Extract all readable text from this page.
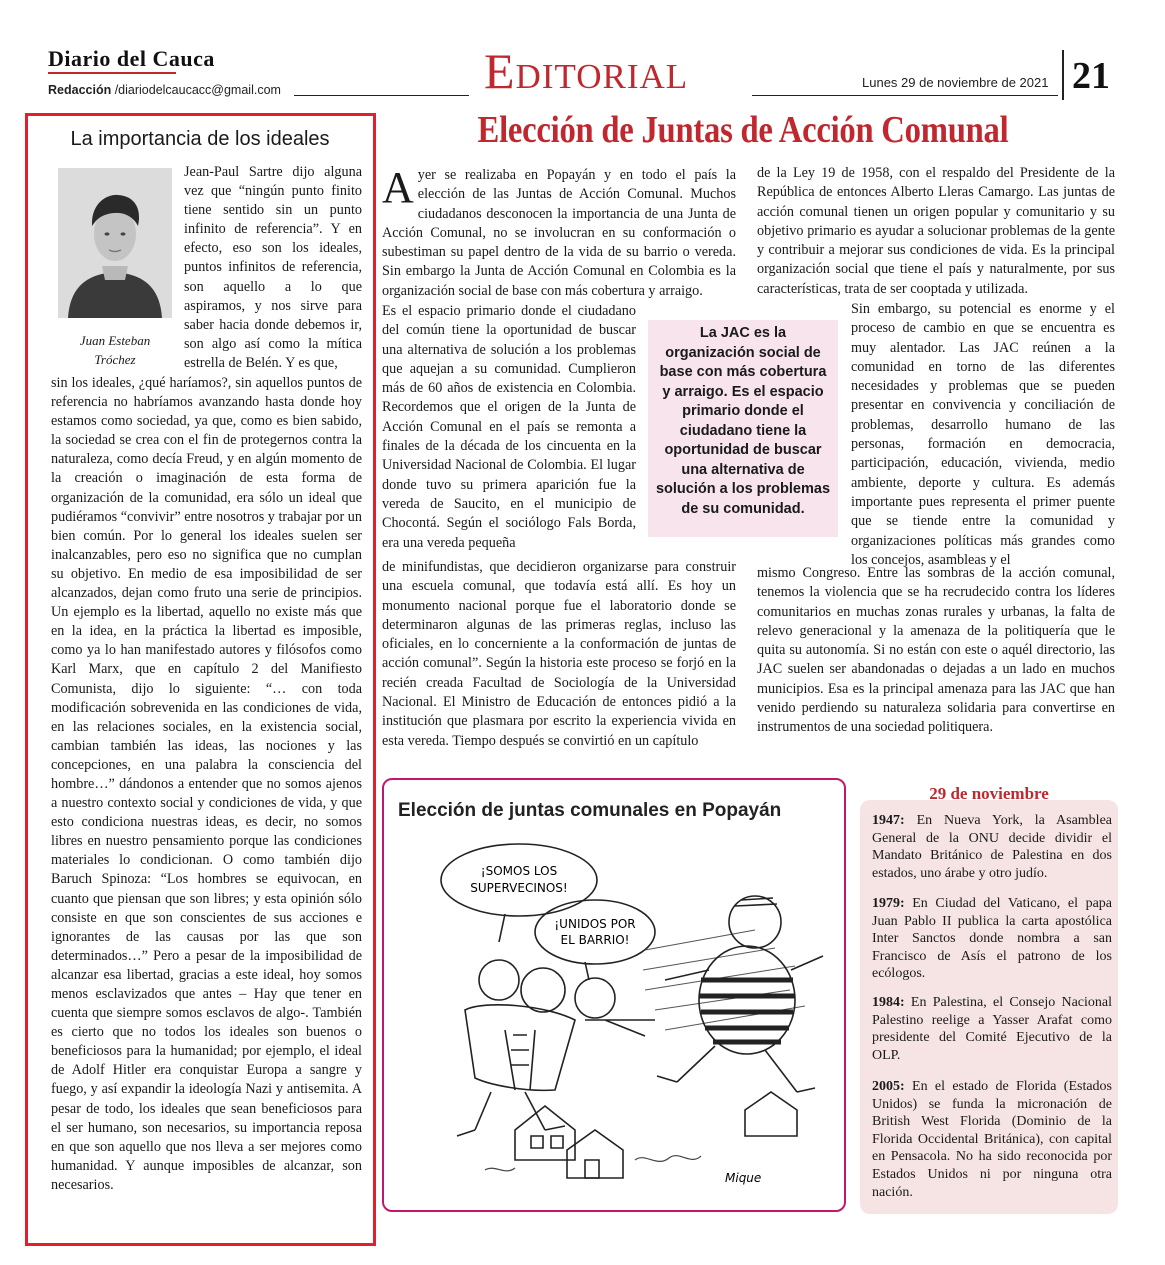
Diario del Cauca
Redacción /diariodelcaucacc@gmail.com	Editorial	Lunes 29 de noviembre de 2021 21
La importancia de los ideales
Juan Esteban Tróchez

Jean-Paul Sartre dijo alguna vez que “ningún punto finito tiene sentido sin un punto infinito de referencia”. Y en efecto, eso son los ideales, puntos infinitos de referencia, son aquello a lo que aspiramos, y nos sirve para saber hacia donde debemos ir, son algo así como la mítica estrella de Belén. Y es que,

sin los ideales, ¿qué haríamos?, sin aquellos puntos de referencia no habríamos avanzando hasta donde hoy estamos como sociedad, ya que, como es bien sabido, la sociedad se crea con el fin de protegernos contra la naturaleza, como decía Freud, y en algún momento de la creación o imaginación de esta forma de organización de la comunidad, era sólo un ideal que pudiéramos “convivir” entre nosotros y trabajar por un bien común. Por lo general los ideales suelen ser inalcanzables, pero eso no significa que no cumplan su objetivo. En medio de esa imposibilidad de ser alcanzados, dejan como fruto una serie de principios. Un ejemplo es la libertad, aquello no existe más que en la idea, en la práctica la libertad es imposible, como ya lo han manifestado autores y filósofos como Karl Marx, que en capítulo 2 del Manifiesto Comunista, dijo lo siguiente: “… con toda modificación sobrevenida en las condiciones de vida, en las relaciones sociales, en la existencia social, cambian también las ideas, las nociones y las concepciones, en una palabra la consciencia del hombre…” dándonos a entender que no somos ajenos a nuestro contexto social y condiciones de vida, y que esto condiciona nuestras ideas, es decir, no somos libres en nuestro pensamiento porque las condiciones materiales lo condicionan. O como también dijo Baruch Spinoza: “Los hombres se equivocan, en cuanto que piensan que son libres; y esta opinión sólo consiste en que son conscientes de sus acciones e ignorantes de las causas por las que son determinados…” Pero a pesar de la imposibilidad de alcanzar esa libertad, gracias a este ideal, hoy somos menos esclavizados que antes – Hay que tener en cuenta que siempre somos esclavos de algo-. También es cierto que no todos los ideales son buenos o beneficiosos para la humanidad; por ejemplo, el ideal de Adolf Hitler era conquistar Europa a sangre y fuego, y así expandir la ideología Nazi y antisemita. A pesar de todo, los ideales que sean beneficiosos para el ser humano, son necesarios, su importancia reposa en que son aquello que nos lleva a ser mejores como humanidad. Y aunque imposibles de alcanzar, son necesarios.

Elección de Juntas de Acción Comunal

Ayer se realizaba en Popayán y en todo el país la elección de las Juntas de Acción Comunal. Muchos ciudadanos desconocen la importancia de una Junta de Acción Comunal, no se involucran en su conformación o subestiman su papel dentro de la vida de su barrio o vereda. Sin embargo la Junta de Acción Comunal en Colombia es la organización social de base con más cobertura y arraigo.

Es el espacio primario donde el ciudadano del común tiene la oportunidad de buscar una alternativa de solución a los problemas que aquejan a su comunidad. Cumplieron más de 60 años de existencia en Colombia. Recordemos que el origen de la Junta de Acción Comunal en el país se remonta a finales de la década de los cincuenta en la Universidad Nacional de Colombia. El lugar donde tuvo su primera aparición fue la vereda de Saucito, en el municipio de Chocontá. Según el sociólogo Fals Borda, era una vereda pequeña

de minifundistas, que decidieron organizarse para construir una escuela comunal, que todavía está allí. Es hoy un monumento nacional porque fue el laboratorio donde se determinaron algunas de las primeras reglas, incluso las oficiales, en lo concerniente a la conformación de juntas de acción comunal”. Según la historia este proceso se forjó en la recién creada Facultad de Sociología de la Universidad Nacional. El Ministro de Educación de entonces pidió a la institución que plasmara por escrito la experiencia vivida en esta vereda. Tiempo después se convirtió en un capítulo

de la Ley 19 de 1958, con el respaldo del Presidente de la República de entonces Alberto Lleras Camargo. Las juntas de acción comunal tienen un origen popular y comunitario y su objetivo primario es ayudar a solucionar problemas de la gente y contribuir a mejorar sus condiciones de vida. Es la principal organización social que tiene el país y naturalmente, por sus características, trata de ser cooptada y utilizada.

Sin embargo, su potencial es enorme y el proceso de cambio en que se encuentra es muy alentador. Las JAC reúnen a la comunidad en torno de las diferentes necesidades y problemas que se pueden presentar en convivencia y conciliación de problemas, desarrollo humano de las personas, formación en democracia, participación, educación, vivienda, medio ambiente, deporte y cultura. Es además importante pues representa el primer puente que se tiende entre la comunidad y organizaciones políticas más grandes como los concejos, asambleas y el

mismo Congreso. Entre las sombras de la acción comunal, tenemos la violencia que se ha recrudecido contra los líderes comunitarios en muchas zonas rurales y urbanas, la falta de relevo generacional y la amenaza de la politiquería que le quita su autonomía. Si no están con este o aquél directorio, las JAC suelen ser abandonadas o dejadas a un lado en muchos municipios. Esa es la principal amenaza para las JAC que han venido perdiendo su naturaleza solidaria para convertirse en instrumentos de una sociedad politiquera.

La JAC es la organización social de base con más cobertura y arraigo. Es el espacio primario donde el ciudadano tiene la oportunidad de buscar una alternativa de solución a los problemas de su comunidad.
Elección de juntas comunales en Popayán
¡SOMOS LOS
SUPERVECINOS!
¡UNIDOS POR
EL BARRIO!
Mique
29 de noviembre

1947: En Nueva York, la Asamblea General de la ONU decide dividir el Mandato Británico de Palestina en dos estados, uno árabe y otro judío.

1979: En Ciudad del Vaticano, el papa Juan Pablo II publica la carta apostólica Inter Sanctos donde nombra a san Francisco de Asís el patrono de los ecólogos.

1984: En Palestina, el Consejo Nacional Palestino reelige a Yasser Arafat como presidente del Comité Ejecutivo de la OLP.

2005: En el estado de Florida (Estados Unidos) se funda la micronación de British West Florida (Dominio de la Florida Occidental Británica), con capital en Pensacola. No ha sido reconocida por Estados Unidos ni por ninguna otra nación.
